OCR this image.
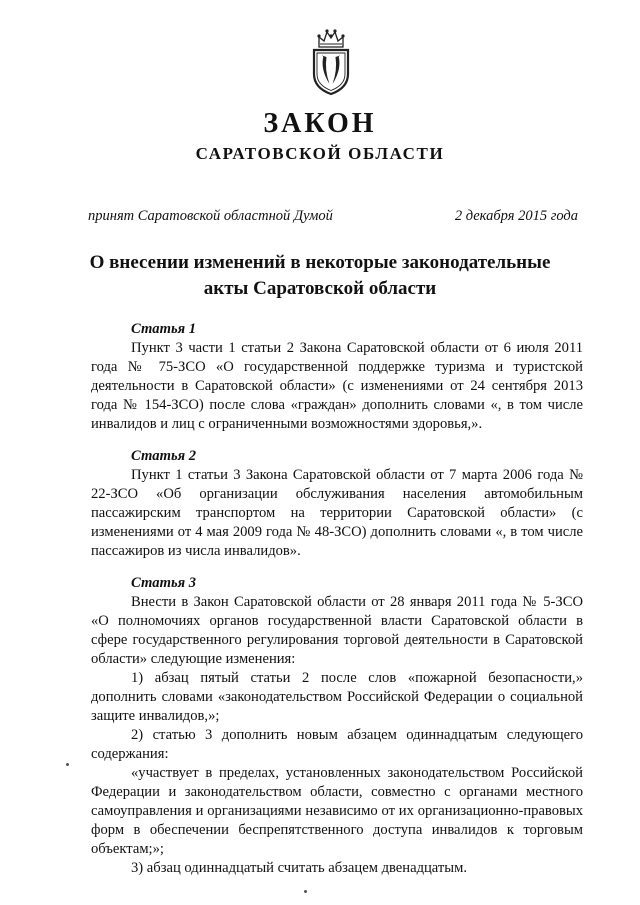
ЗАКОН
САРАТОВСКОЙ ОБЛАСТИ
принят Саратовской областной Думой	2 декабря 2015 года
О внесении изменений в некоторые законодательные
акты Саратовской области

Статья 1

Пункт 3 части 1 статьи 2 Закона Саратовской области от 6 июля 2011 года № 75-ЗСО «О государственной поддержке туризма и туристской деятельности в Саратовской области» (с изменениями от 24 сентября 2013 года № 154-ЗСО) после слова «граждан» дополнить словами «, в том числе инвалидов и лиц с ограниченными возможностями здоровья,».

Статья 2

Пункт 1 статьи 3 Закона Саратовской области от 7 марта 2006 года № 22-ЗСО «Об организации обслуживания населения автомобильным пассажирским транспортом на территории Саратовской области» (с изменениями от 4 мая 2009 года № 48-ЗСО) дополнить словами «, в том числе пассажиров из числа инвалидов».

Статья 3

Внести в Закон Саратовской области от 28 января 2011 года № 5-ЗСО «О полномочиях органов государственной власти Саратовской области в сфере государственного регулирования торговой деятельности в Саратовской области» следующие изменения:

1) абзац пятый статьи 2 после слов «пожарной безопасности,» дополнить словами «законодательством Российской Федерации о социальной защите инвалидов,»;

2) статью 3 дополнить новым абзацем одиннадцатым следующего содержания:

«участвует в пределах, установленных законодательством Российской Федерации и законодательством области, совместно с органами местного самоуправления и организациями независимо от их организационно-правовых форм в обеспечении беспрепятственного доступа инвалидов к торговым объектам;»;

3) абзац одиннадцатый считать абзацем двенадцатым.
